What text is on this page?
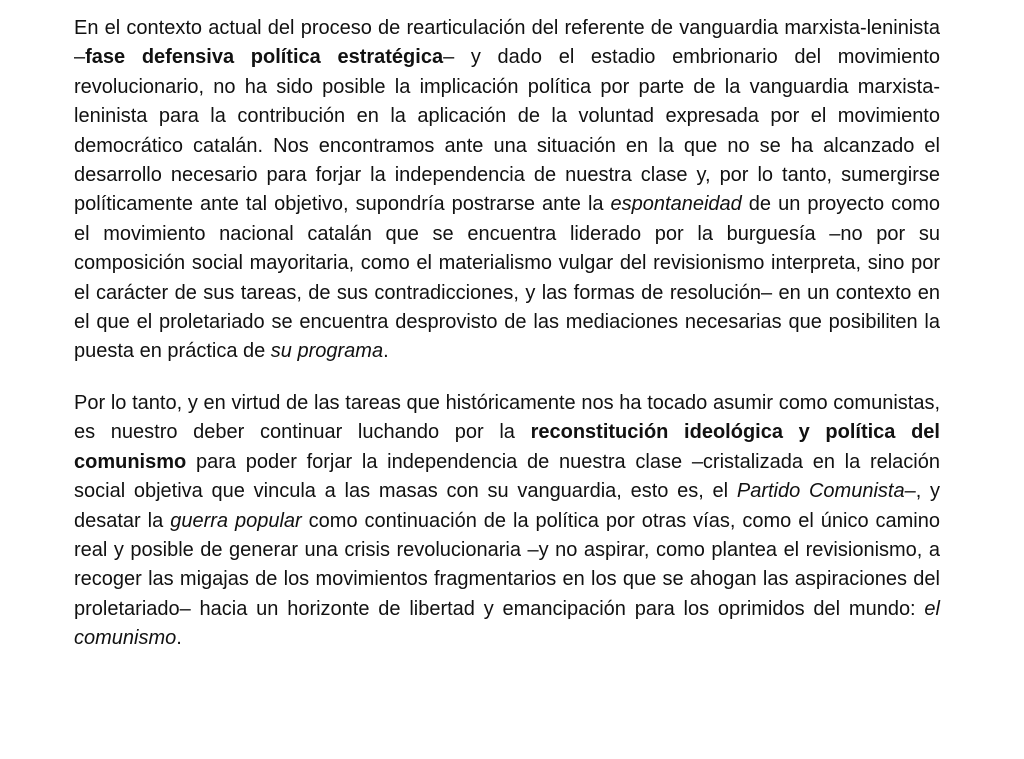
En el contexto actual del proceso de rearticulación del referente de vanguardia marxista-leninista –fase defensiva política estratégica– y dado el estadio embrionario del movimiento revolucionario, no ha sido posible la implicación política por parte de la vanguardia marxista-leninista para la contribución en la aplicación de la voluntad expresada por el movimiento democrático catalán. Nos encontramos ante una situación en la que no se ha alcanzado el desarrollo necesario para forjar la independencia de nuestra clase y, por lo tanto, sumergirse políticamente ante tal objetivo, supondría postrarse ante la espontaneidad de un proyecto como el movimiento nacional catalán que se encuentra liderado por la burguesía –no por su composición social mayoritaria, como el materialismo vulgar del revisionismo interpreta, sino por el carácter de sus tareas, de sus contradicciones, y las formas de resolución– en un contexto en el que el proletariado se encuentra desprovisto de las mediaciones necesarias que posibiliten la puesta en práctica de su programa.

Por lo tanto, y en virtud de las tareas que históricamente nos ha tocado asumir como comunistas, es nuestro deber continuar luchando por la reconstitución ideológica y política del comunismo para poder forjar la independencia de nuestra clase –cristalizada en la relación social objetiva que vincula a las masas con su vanguardia, esto es, el Partido Comunista–, y desatar la guerra popular como continuación de la política por otras vías, como el único camino real y posible de generar una crisis revolucionaria –y no aspirar, como plantea el revisionismo, a recoger las migajas de los movimientos fragmentarios en los que se ahogan las aspiraciones del proletariado– hacia un horizonte de libertad y emancipación para los oprimidos del mundo: el comunismo.
